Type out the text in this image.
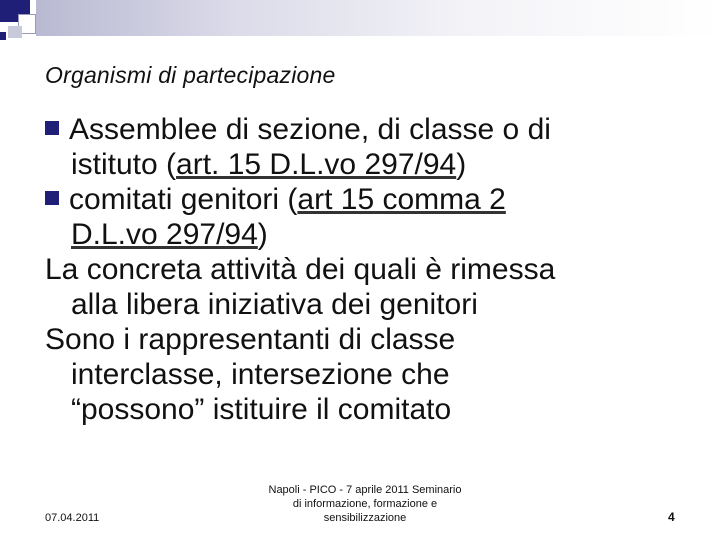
Organismi di partecipazione
Assemblee di sezione, di classe o di
istituto (art. 15 D.L.vo 297/94)
comitati genitori (art 15 comma 2
D.L.vo 297/94)
La concreta attività dei quali è rimessa
alla libera iniziativa dei genitori
Sono i rappresentanti di classe
interclasse, intersezione che
“possono” istituire il comitato
07.04.2011
Napoli - PICO - 7 aprile 2011 Seminario
di informazione, formazione e
sensibilizzazione	4
